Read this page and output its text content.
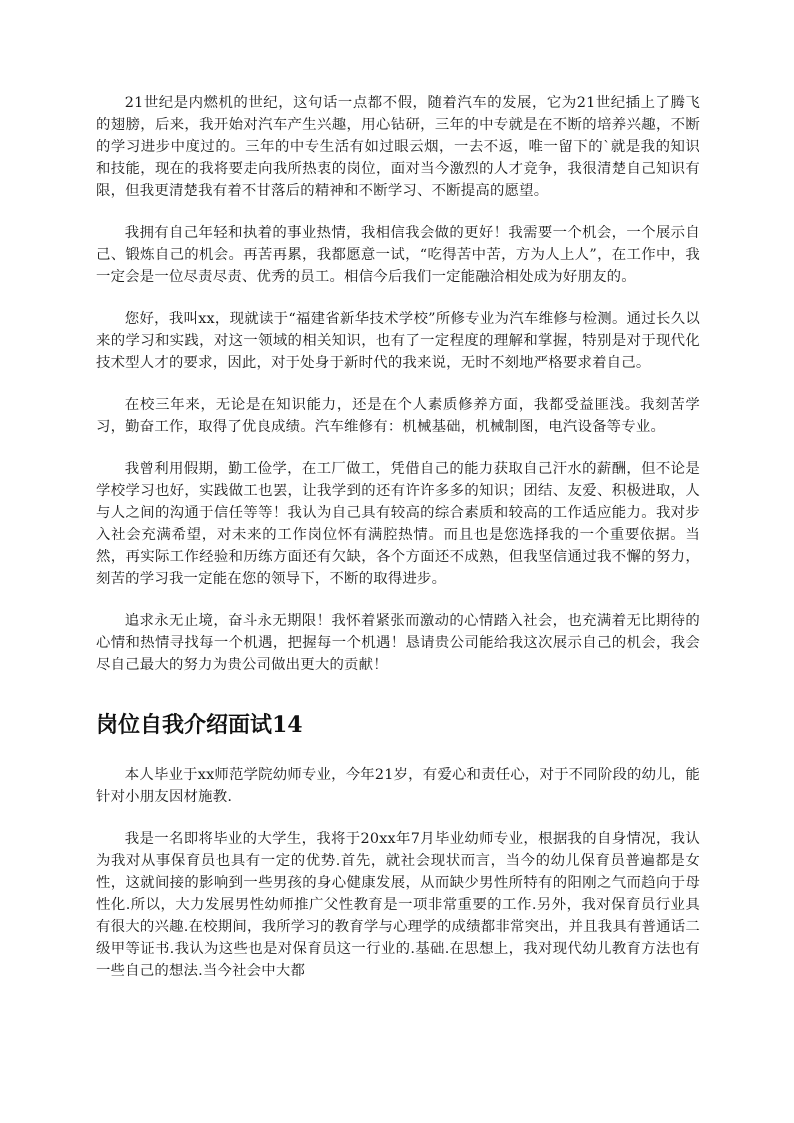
21世纪是内燃机的世纪，这句话一点都不假，随着汽车的发展，它为21世纪插上了腾飞的翅膀，后来，我开始对汽车产生兴趣，用心钻研，三年的中专就是在不断的培养兴趣，不断的学习进步中度过的。三年的中专生活有如过眼云烟，一去不返，唯一留下的`就是我的知识和技能，现在的我将要走向我所热衷的岗位，面对当今激烈的人才竞争，我很清楚自己知识有限，但我更清楚我有着不甘落后的精神和不断学习、不断提高的愿望。

我拥有自己年轻和执着的事业热情，我相信我会做的更好！我需要一个机会，一个展示自己、锻炼自己的机会。再苦再累，我都愿意一试，“吃得苦中苦，方为人上人”，在工作中，我一定会是一位尽责尽责、优秀的员工。相信今后我们一定能融洽相处成为好朋友的。

您好，我叫xx，现就读于“福建省新华技术学校”所修专业为汽车维修与检测。通过长久以来的学习和实践，对这一领域的相关知识，也有了一定程度的理解和掌握，特别是对于现代化技术型人才的要求，因此，对于处身于新时代的我来说，无时不刻地严格要求着自己。

在校三年来，无论是在知识能力，还是在个人素质修养方面，我都受益匪浅。我刻苦学习，勤奋工作，取得了优良成绩。汽车维修有：机械基础，机械制图，电汽设备等专业。

我曾利用假期，勤工俭学，在工厂做工，凭借自己的能力获取自己汗水的薪酬，但不论是学校学习也好，实践做工也罢，让我学到的还有许许多多的知识；团结、友爱、积极进取，人与人之间的沟通于信任等等！我认为自己具有较高的综合素质和较高的工作适应能力。我对步入社会充满希望，对未来的工作岗位怀有满腔热情。而且也是您选择我的一个重要依据。当然，再实际工作经验和历练方面还有欠缺，各个方面还不成熟，但我坚信通过我不懈的努力，刻苦的学习我一定能在您的领导下，不断的取得进步。

追求永无止境，奋斗永无期限！我怀着紧张而激动的心情踏入社会，也充满着无比期待的心情和热情寻找每一个机遇，把握每一个机遇！恳请贵公司能给我这次展示自己的机会，我会尽自己最大的努力为贵公司做出更大的贡献！

岗位自我介绍面试14

本人毕业于xx师范学院幼师专业，今年21岁，有爱心和责任心，对于不同阶段的幼儿，能针对小朋友因材施教.

我是一名即将毕业的大学生，我将于20xx年7月毕业幼师专业，根据我的自身情况，我认为我对从事保育员也具有一定的优势.首先，就社会现状而言，当今的幼儿保育员普遍都是女性，这就间接的影响到一些男孩的身心健康发展，从而缺少男性所特有的阳刚之气而趋向于母性化.所以，大力发展男性幼师推广父性教育是一项非常重要的工作.另外，我对保育员行业具有很大的兴趣.在校期间，我所学习的教育学与心理学的成绩都非常突出，并且我具有普通话二级甲等证书.我认为这些也是对保育员这一行业的.基础.在思想上，我对现代幼儿教育方法也有一些自己的想法.当今社会中大都
